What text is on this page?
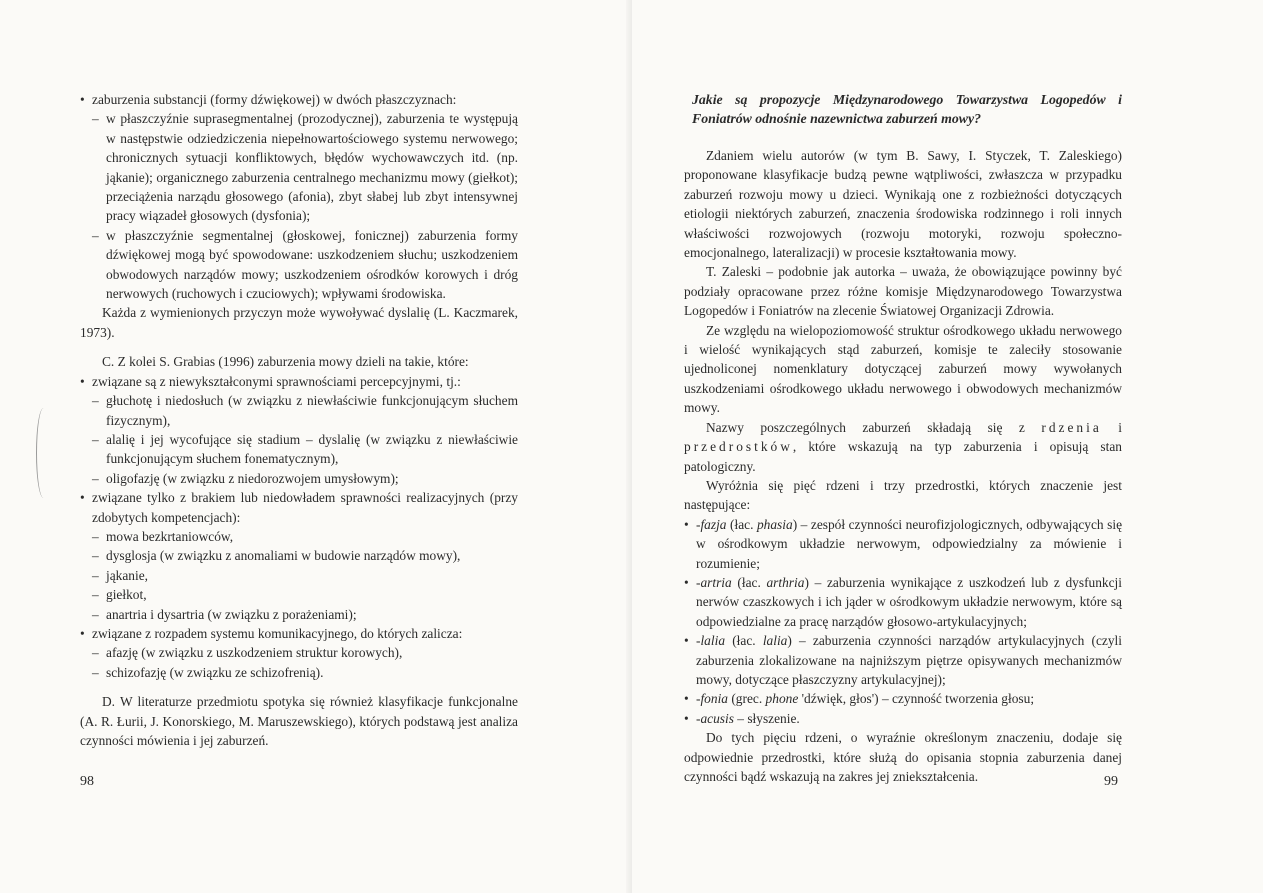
• zaburzenia substancji (formy dźwiękowej) w dwóch płaszczyznach:
– w płaszczyźnie suprasegmentalnej (prozodycznej), zaburzenia te występują w następstwie odziedziczenia niepełnowartościowego systemu nerwowego; chronicznych sytuacji konfliktowych, błędów wychowawczych itd. (np. jąkanie); organicznego zaburzenia centralnego mechanizmu mowy (giełkot); przeciążenia narządu głosowego (afonia), zbyt słabej lub zbyt intensywnej pracy wiązadeł głosowych (dysfonia);
– w płaszczyźnie segmentalnej (głoskowej, fonicznej) zaburzenia formy dźwiękowej mogą być spowodowane: uszkodzeniem słuchu; uszkodzeniem obwodowych narządów mowy; uszkodzeniem ośrodków korowych i dróg nerwowych (ruchowych i czuciowych); wpływami środowiska.

Każda z wymienionych przyczyn może wywoływać dyslalię (L. Kaczmarek, 1973).

C. Z kolei S. Grabias (1996) zaburzenia mowy dzieli na takie, które:

• związane są z niewykształconymi sprawnościami percepcyjnymi, tj.:
– głuchotę i niedosłuch (w związku z niewłaściwie funkcjonującym słuchem fizycznym),
– alalię i jej wycofujące się stadium – dyslalię (w związku z niewłaściwie funkcjonującym słuchem fonematycznym),
– oligofazję (w związku z niedorozwojem umysłowym);
• związane tylko z brakiem lub niedowładem sprawności realizacyjnych (przy zdobytych kompetencjach):
– mowa bezkrtaniowców,
– dysglosja (w związku z anomaliami w budowie narządów mowy),
– jąkanie,
– giełkot,
– anartria i dysartria (w związku z porażeniami);
• związane z rozpadem systemu komunikacyjnego, do których zalicza:
– afazję (w związku z uszkodzeniem struktur korowych),
– schizofazję (w związku ze schizofrenią).

D. W literaturze przedmiotu spotyka się również klasyfikacje funkcjonalne (A. R. Łurii, J. Konorskiego, M. Maruszewskiego), których podstawą jest analiza czynności mówienia i jej zaburzeń.

98

Jakie są propozycje Międzynarodowego Towarzystwa Logopedów i Foniatrów odnośnie nazewnictwa zaburzeń mowy?

Zdaniem wielu autorów (w tym B. Sawy, I. Styczek, T. Zaleskiego) proponowane klasyfikacje budzą pewne wątpliwości, zwłaszcza w przypadku zaburzeń rozwoju mowy u dzieci. Wynikają one z rozbieżności dotyczących etiologii niektórych zaburzeń, znaczenia środowiska rodzinnego i roli innych właściwości rozwojowych (rozwoju motoryki, rozwoju społeczno-emocjonalnego, lateralizacji) w procesie kształtowania mowy.

T. Zaleski – podobnie jak autorka – uważa, że obowiązujące powinny być podziały opracowane przez różne komisje Międzynarodowego Towarzystwa Logopedów i Foniatrów na zlecenie Światowej Organizacji Zdrowia.

Ze względu na wielopoziomowość struktur ośrodkowego układu nerwowego i wielość wynikających stąd zaburzeń, komisje te zaleciły stosowanie ujednoliconej nomenklatury dotyczącej zaburzeń mowy wywołanych uszkodzeniami ośrodkowego układu nerwowego i obwodowych mechanizmów mowy.

Nazwy poszczególnych zaburzeń składają się z rdzenia i przedrostków, które wskazują na typ zaburzenia i opisują stan patologiczny.

Wyróżnia się pięć rdzeni i trzy przedrostki, których znaczenie jest następujące:

• -fazja (łac. phasia) – zespół czynności neurofizjologicznych, odbywających się w ośrodkowym układzie nerwowym, odpowiedzialny za mówienie i rozumienie;
• -artria (łac. arthria) – zaburzenia wynikające z uszkodzeń lub z dysfunkcji nerwów czaszkowych i ich jąder w ośrodkowym układzie nerwowym, które są odpowiedzialne za pracę narządów głosowo-artykulacyjnych;
• -lalia (łac. lalia) – zaburzenia czynności narządów artykulacyjnych (czyli zaburzenia zlokalizowane na najniższym piętrze opisywanych mechanizmów mowy, dotyczące płaszczyzny artykulacyjnej);
• -fonia (grec. phone 'dźwięk, głos') – czynność tworzenia głosu;
• -acusis – słyszenie.

Do tych pięciu rdzeni, o wyraźnie określonym znaczeniu, dodaje się odpowiednie przedrostki, które służą do opisania stopnia zaburzenia danej czynności bądź wskazują na zakres jej zniekształcenia.	99
